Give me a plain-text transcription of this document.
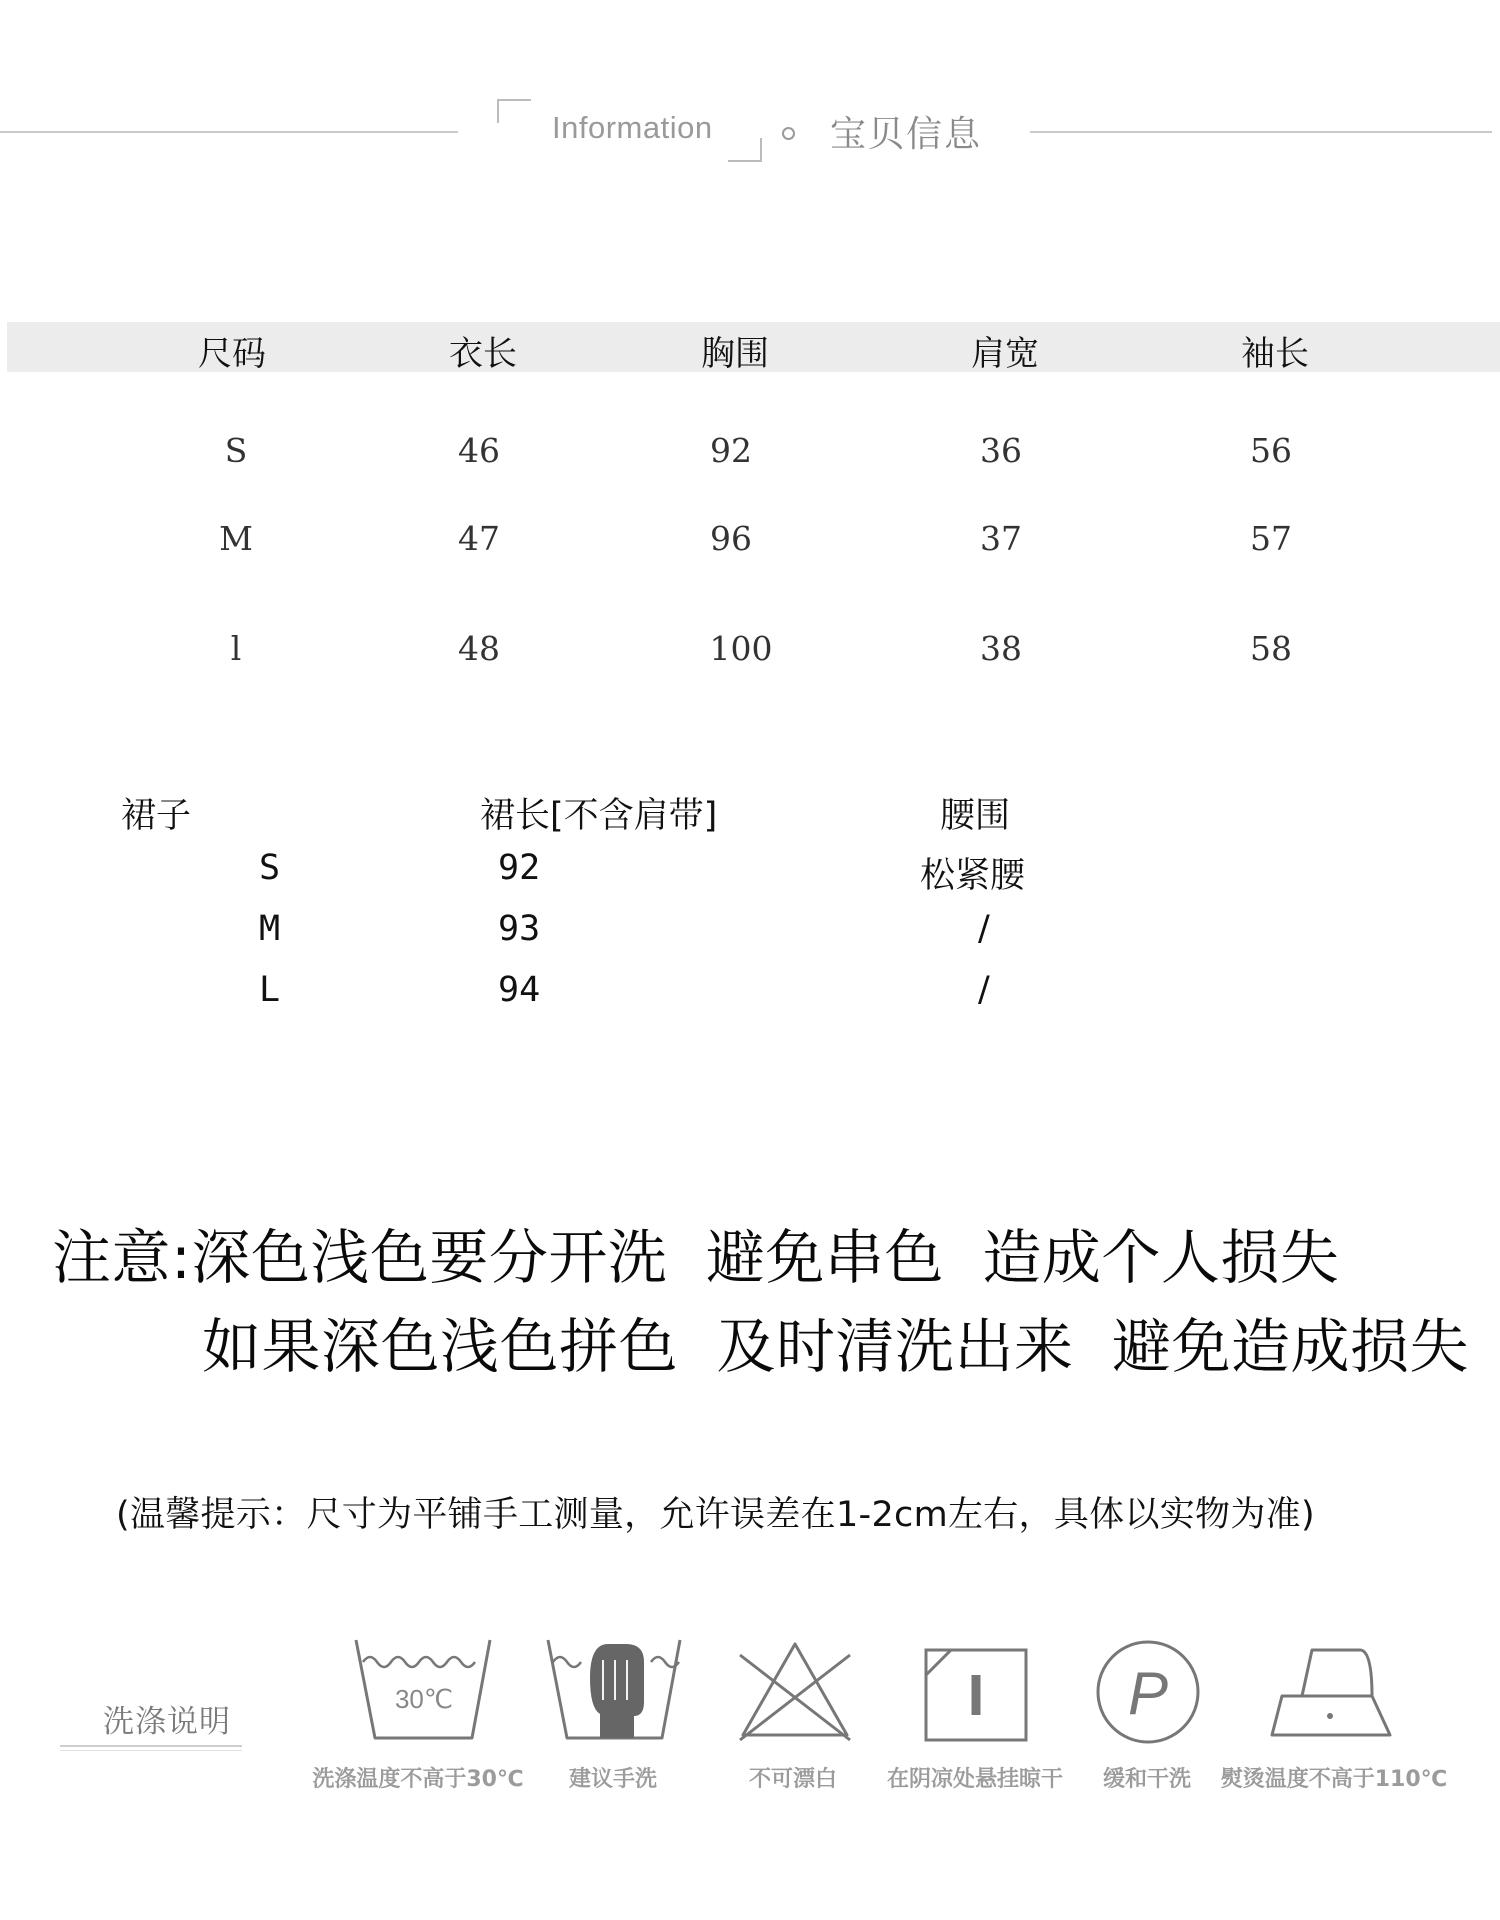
Information	宝贝信息
尺码	衣长	胸围	肩宽	袖长
S	46	92	36	56
M	47	96	37	57
l	48	100	38	58
裙子	裙长[不含肩带]	腰围
S	92	松紧腰
M	93	/
L	94	/
注意:深色浅色要分开洗  避免串色  造成个人损失
如果深色浅色拼色  及时清洗出来  避免造成损失
(温馨提示：尺寸为平铺手工测量，允许误差在1-2cm左右，具体以实物为准)
洗涤说明
30℃	P
洗涤温度不高于30℃ 建议手洗	不可漂白 在阴凉处悬挂晾干 缓和干洗 熨烫温度不高于110℃
